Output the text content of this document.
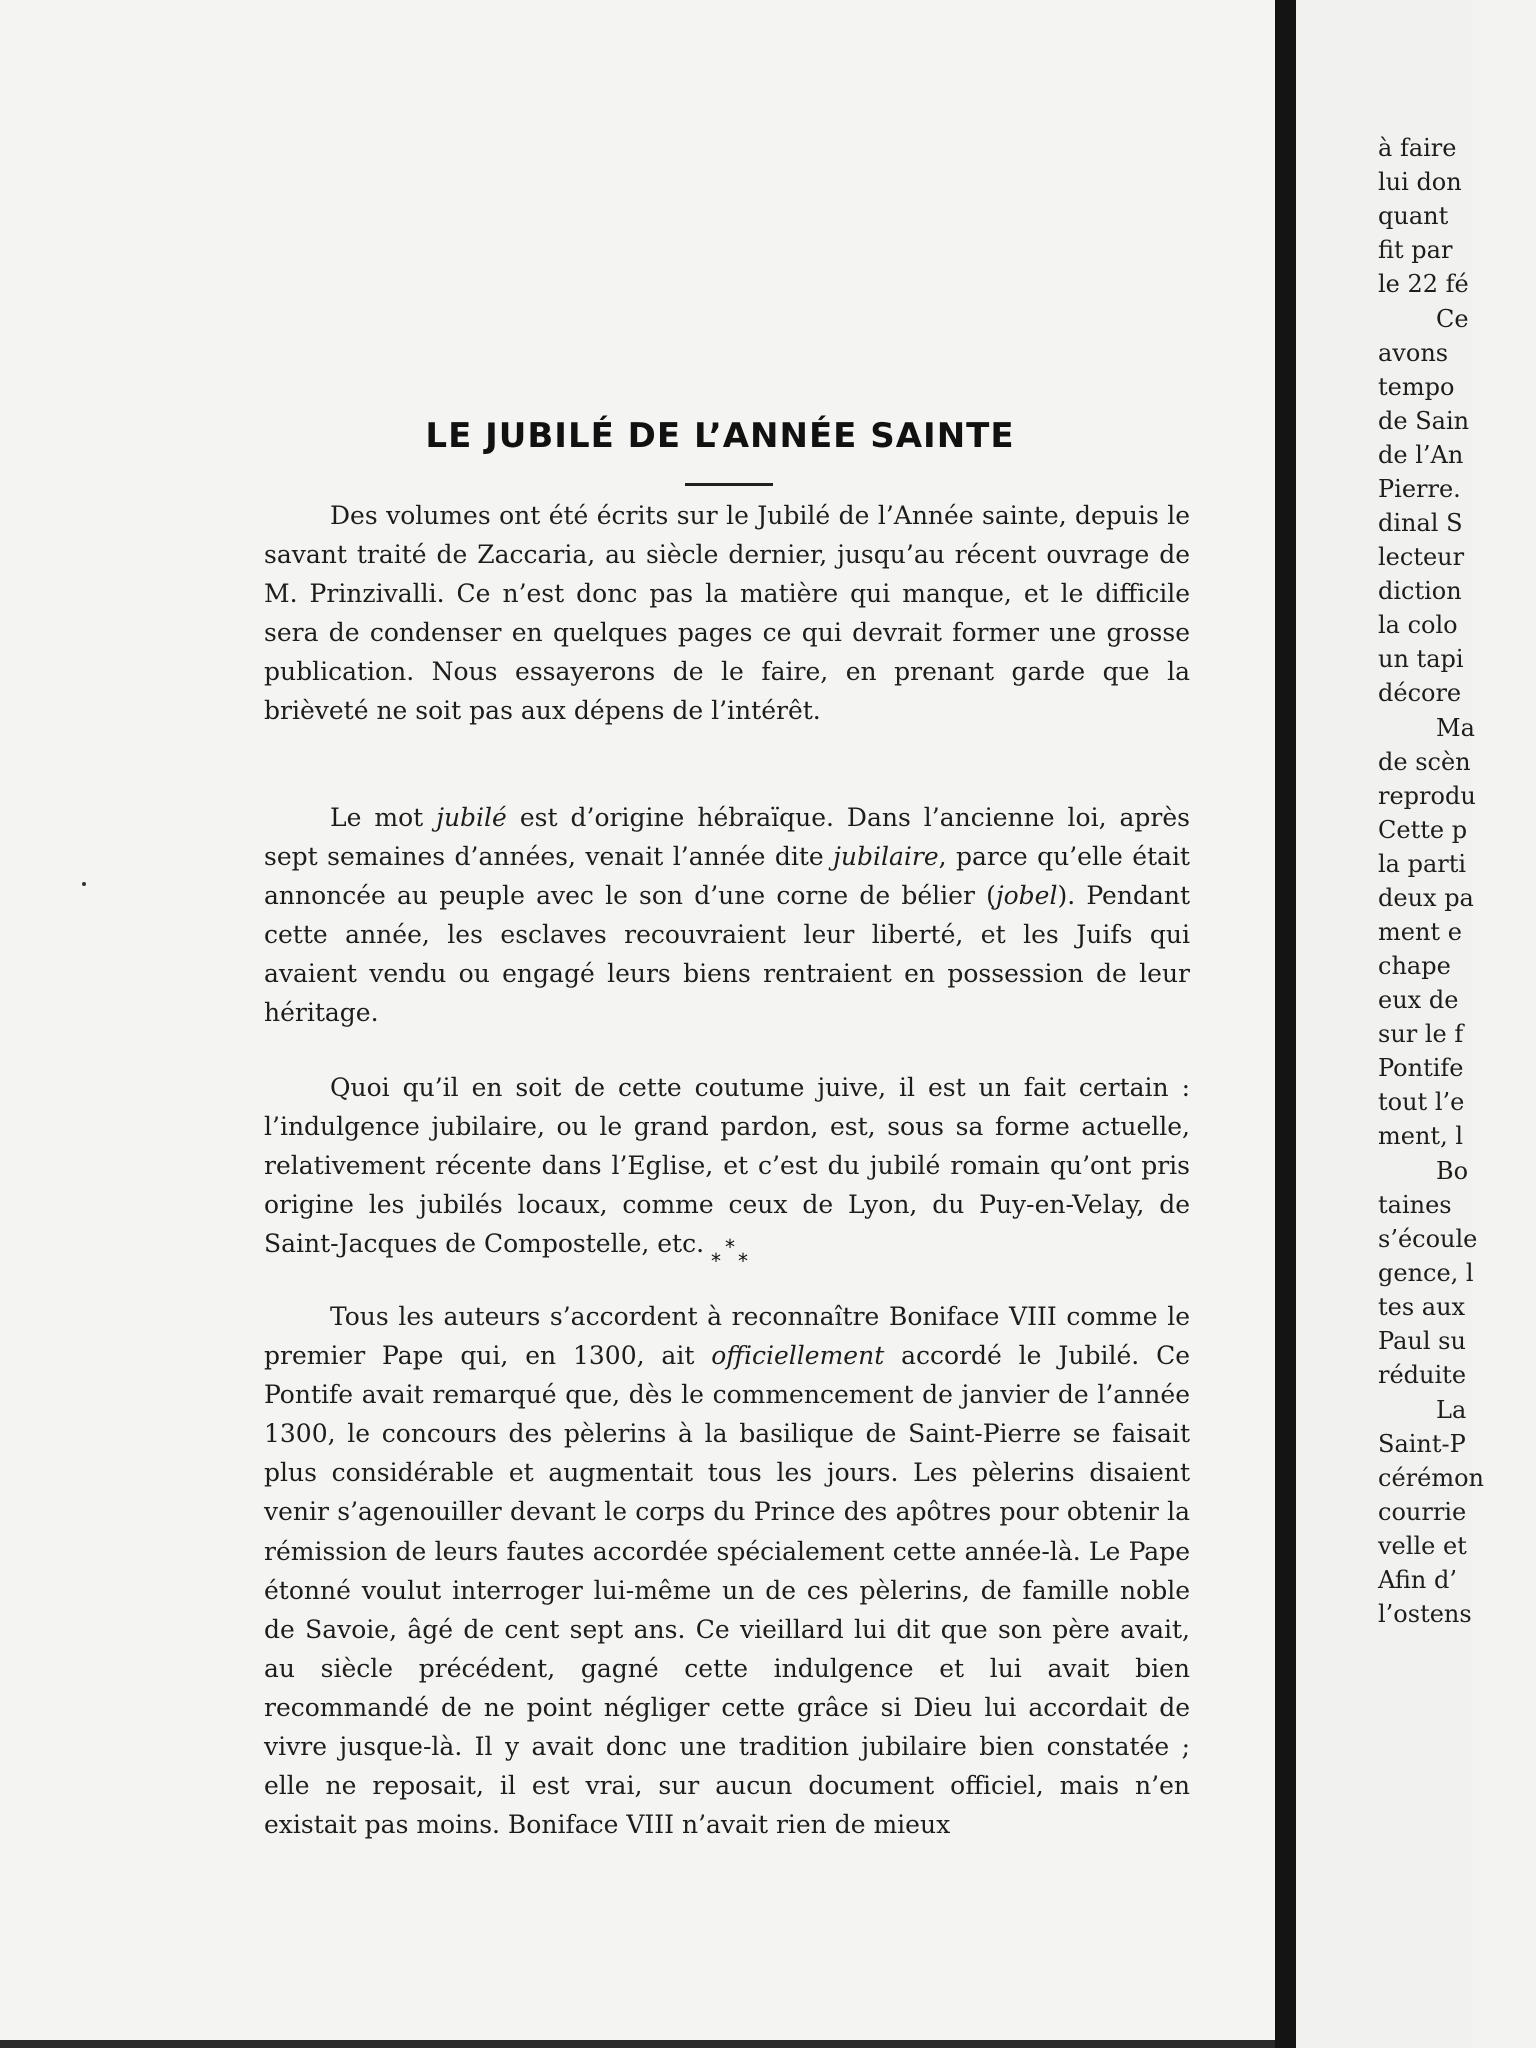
LE JUBILÉ DE L’ANNÉE SAINTE

Des volumes ont été écrits sur le Jubilé de l’Année sainte, depuis le savant traité de Zaccaria, au siècle dernier, jusqu’au récent ouvrage de M. Prinzivalli. Ce n’est donc pas la matière qui manque, et le difficile sera de condenser en quelques pages ce qui devrait former une grosse publication. Nous essayerons de le faire, en prenant garde que la brièveté ne soit pas aux dépens de l’intérêt.

Le mot jubilé est d’origine hébraïque. Dans l’ancienne loi, après sept semaines d’années, venait l’année dite jubilaire, parce qu’elle était annoncée au peuple avec le son d’une corne de bélier (jobel). Pendant cette année, les esclaves recouvraient leur liberté, et les Juifs qui avaient vendu ou engagé leurs biens rentraient en possession de leur héritage.

Quoi qu’il en soit de cette coutume juive, il est un fait certain : l’indulgence jubilaire, ou le grand pardon, est, sous sa forme actuelle, relativement récente dans l’Eglise, et c’est du jubilé romain qu’ont pris origine les jubilés locaux, comme ceux de Lyon, du Puy-en-Velay, de Saint-Jacques de Compostelle, etc.	*
* *

Tous les auteurs s’accordent à reconnaître Boniface VIII comme le premier Pape qui, en 1300, ait officiellement accordé le Jubilé. Ce Pontife avait remarqué que, dès le commencement de janvier de l’année 1300, le concours des pèlerins à la basilique de Saint-Pierre se faisait plus considérable et augmentait tous les jours. Les pèlerins disaient venir s’agenouiller devant le corps du Prince des apôtres pour obtenir la rémission de leurs fautes accordée spécialement cette année-là. Le Pape étonné voulut interroger lui-même un de ces pèlerins, de famille noble de Savoie, âgé de cent sept ans. Ce vieillard lui dit que son père avait, au siècle précédent, gagné cette indulgence et lui avait bien recommandé de ne point négliger cette grâce si Dieu lui accordait de vivre jusque-là. Il y avait donc une tradition jubilaire bien constatée ; elle ne reposait, il est vrai, sur aucun document officiel, mais n’en existait pas moins. Boniface VIII n’avait rien de mieux

à faire

lui don

quant

fit par

le 22 fé

Ce

avons

tempo

de Sain

de l’An

Pierre.

dinal S

lecteur

diction

la colo

un tapi

décore

Ma

de scèn

reprodu

Cette p

la parti

deux pa

ment e

chape

eux de

sur le f

Pontife

tout l’e

ment, l

Bo

taines

s’écoule

gence, l

tes aux

Paul su

réduite

La

Saint-P

cérémon

courrie

velle et

Afin d’

l’ostens
